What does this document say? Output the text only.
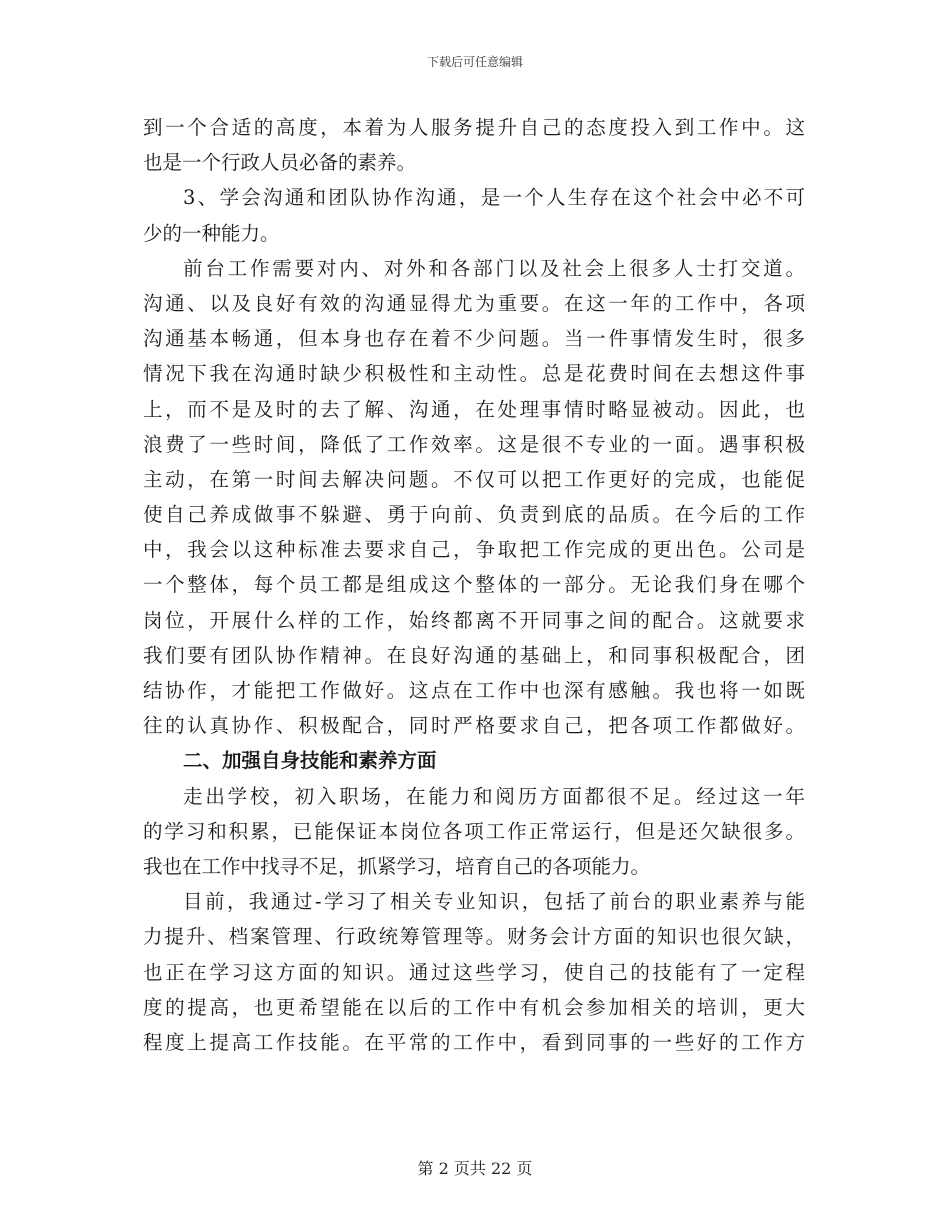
下载后可任意编辑
到一个合适的高度，本着为人服务提升自己的态度投入到工作中。这
也是一个行政人员必备的素养。
3、学会沟通和团队协作沟通，是一个人生存在这个社会中必不可
少的一种能力。
前台工作需要对内、对外和各部门以及社会上很多人士打交道。
沟通、以及良好有效的沟通显得尤为重要。在这一年的工作中，各项
沟通基本畅通，但本身也存在着不少问题。当一件事情发生时，很多
情况下我在沟通时缺少积极性和主动性。总是花费时间在去想这件事
上，而不是及时的去了解、沟通，在处理事情时略显被动。因此，也
浪费了一些时间，降低了工作效率。这是很不专业的一面。遇事积极
主动，在第一时间去解决问题。不仅可以把工作更好的完成，也能促
使自己养成做事不躲避、勇于向前、负责到底的品质。在今后的工作
中，我会以这种标准去要求自己，争取把工作完成的更出色。公司是
一个整体，每个员工都是组成这个整体的一部分。无论我们身在哪个
岗位，开展什么样的工作，始终都离不开同事之间的配合。这就要求
我们要有团队协作精神。在良好沟通的基础上，和同事积极配合，团
结协作，才能把工作做好。这点在工作中也深有感触。我也将一如既
往的认真协作、积极配合，同时严格要求自己，把各项工作都做好。
二、加强自身技能和素养方面
走出学校，初入职场，在能力和阅历方面都很不足。经过这一年
的学习和积累，已能保证本岗位各项工作正常运行，但是还欠缺很多。
我也在工作中找寻不足，抓紧学习，培育自己的各项能力。
目前，我通过-学习了相关专业知识，包括了前台的职业素养与能
力提升、档案管理、行政统筹管理等。财务会计方面的知识也很欠缺，
也正在学习这方面的知识。通过这些学习，使自己的技能有了一定程
度的提高，也更希望能在以后的工作中有机会参加相关的培训，更大
程度上提高工作技能。在平常的工作中，看到同事的一些好的工作方
第 2 页共 22 页
